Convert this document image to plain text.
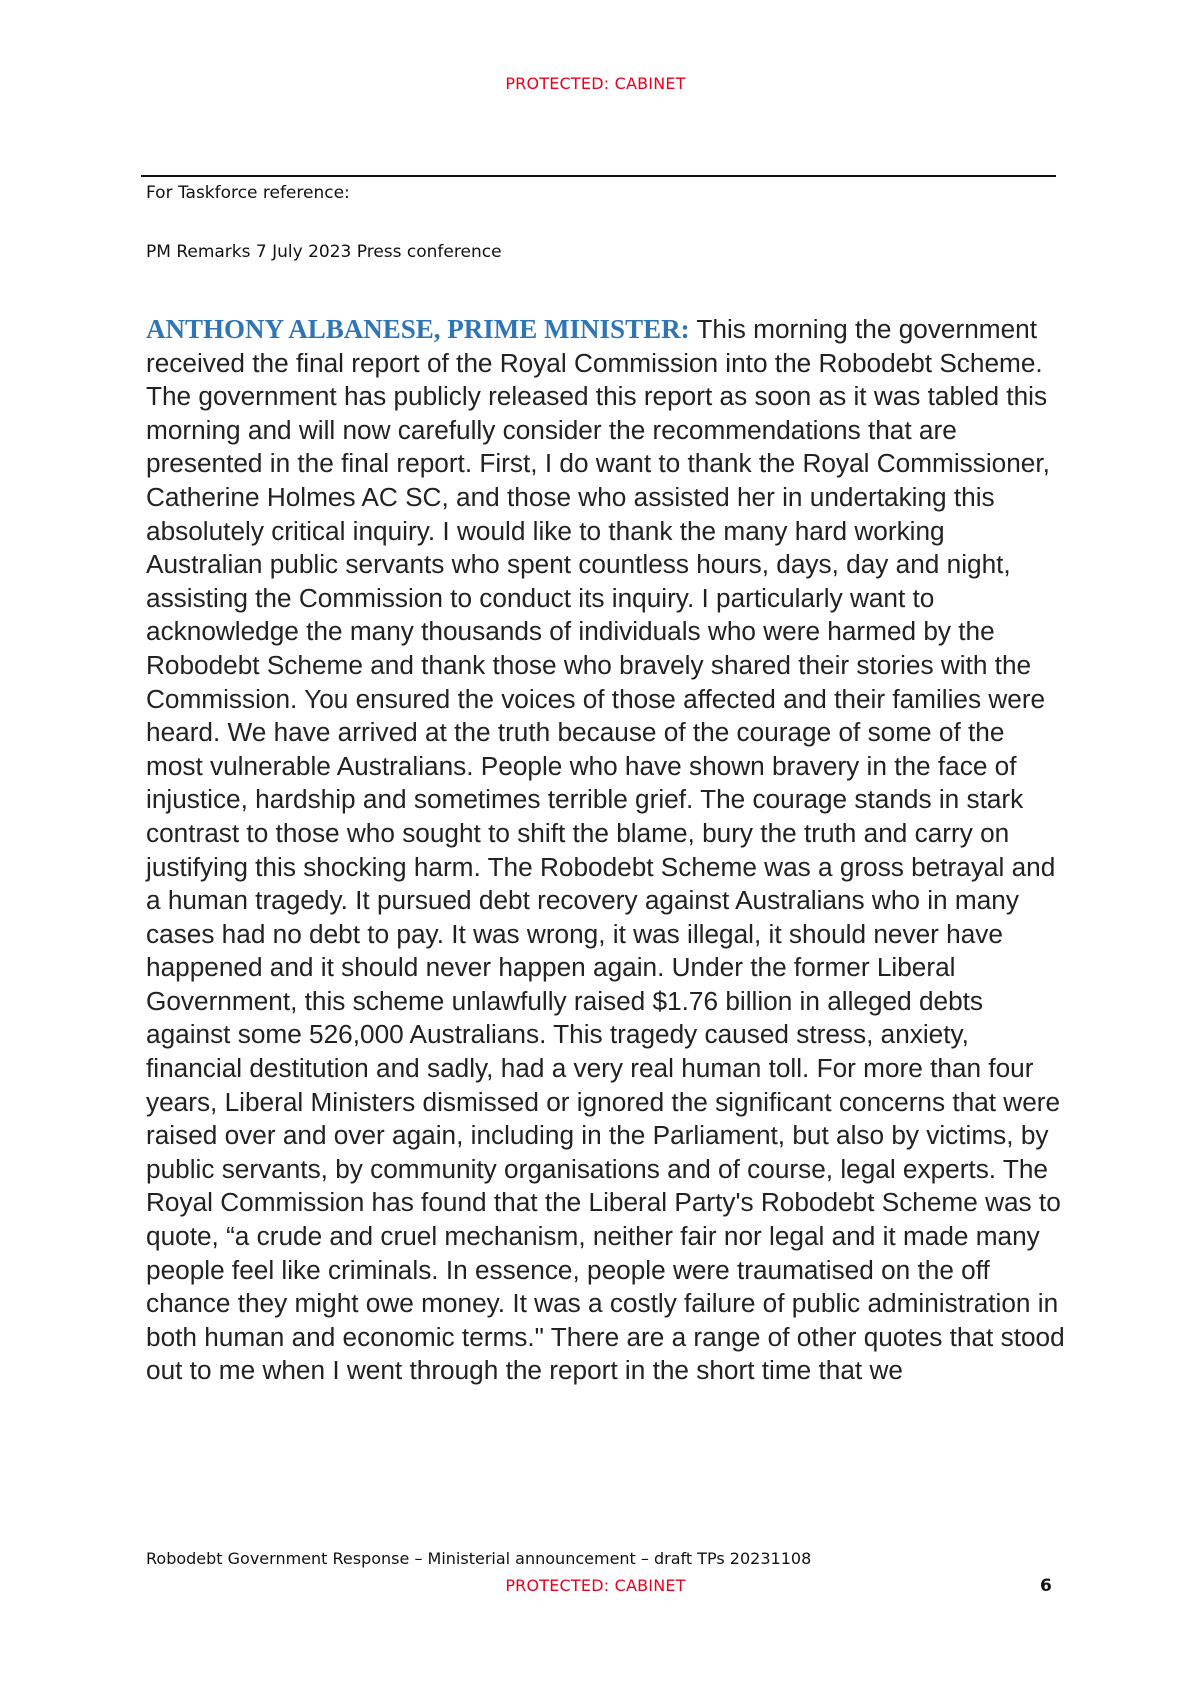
PROTECTED: CABINET
For Taskforce reference:
PM Remarks 7 July 2023 Press conference

ANTHONY ALBANESE, PRIME MINISTER: This morning the government received the final report of the Royal Commission into the Robodebt Scheme. The government has publicly released this report as soon as it was tabled this morning and will now carefully consider the recommendations that are presented in the final report. First, I do want to thank the Royal Commissioner, Catherine Holmes AC SC, and those who assisted her in undertaking this absolutely critical inquiry. I would like to thank the many hard working Australian public servants who spent countless hours, days, day and night, assisting the Commission to conduct its inquiry. I particularly want to acknowledge the many thousands of individuals who were harmed by the Robodebt Scheme and thank those who bravely shared their stories with the Commission. You ensured the voices of those affected and their families were heard. We have arrived at the truth because of the courage of some of the most vulnerable Australians. People who have shown bravery in the face of injustice, hardship and sometimes terrible grief. The courage stands in stark contrast to those who sought to shift the blame, bury the truth and carry on justifying this shocking harm. The Robodebt Scheme was a gross betrayal and a human tragedy. It pursued debt recovery against Australians who in many cases had no debt to pay. It was wrong, it was illegal, it should never have happened and it should never happen again. Under the former Liberal Government, this scheme unlawfully raised $1.76 billion in alleged debts against some 526,000 Australians. This tragedy caused stress, anxiety, financial destitution and sadly, had a very real human toll. For more than four years, Liberal Ministers dismissed or ignored the significant concerns that were raised over and over again, including in the Parliament, but also by victims, by public servants, by community organisations and of course, legal experts. The Royal Commission has found that the Liberal Party's Robodebt Scheme was to quote, “a crude and cruel mechanism, neither fair nor legal and it made many people feel like criminals. In essence, people were traumatised on the off chance they might owe money. It was a costly failure of public administration in both human and economic terms." There are a range of other quotes that stood out to me when I went through the report in the short time that we

Robodebt Government Response – Ministerial announcement – draft TPs 20231108
PROTECTED: CABINET	6
